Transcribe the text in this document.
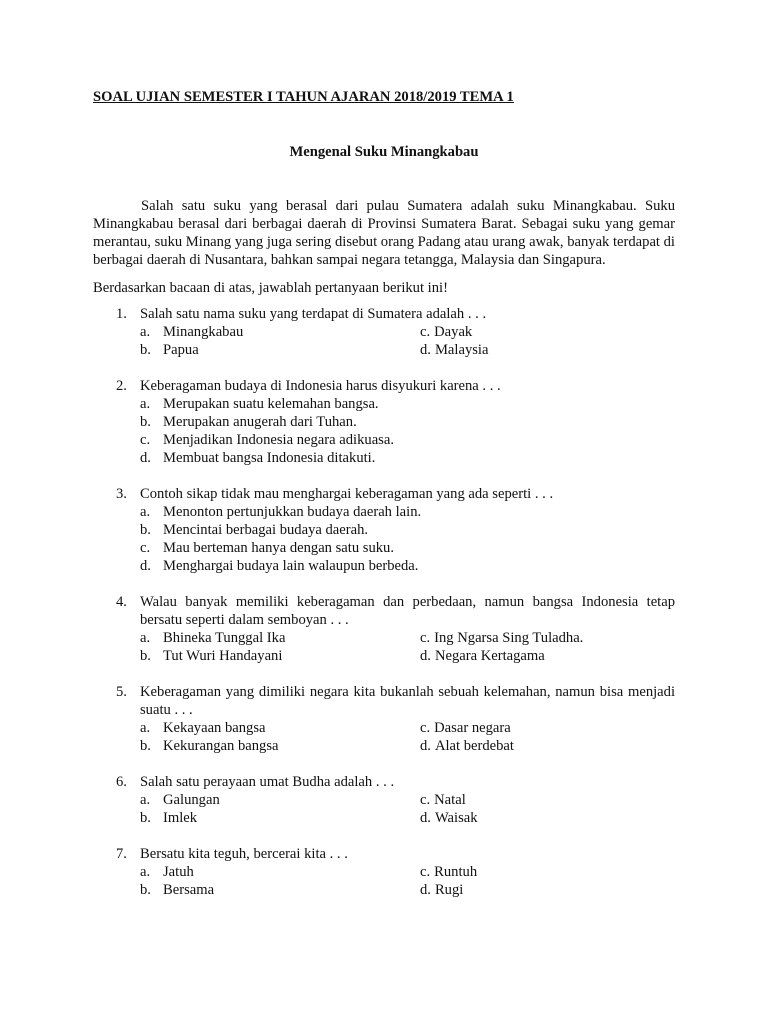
SOAL UJIAN SEMESTER I TAHUN AJARAN 2018/2019 TEMA 1
Mengenal Suku Minangkabau

Salah satu suku yang berasal dari pulau Sumatera adalah suku Minangkabau. Suku Minangkabau berasal dari berbagai daerah di Provinsi Sumatera Barat. Sebagai suku yang gemar merantau, suku Minang yang juga sering disebut orang Padang atau urang awak, banyak terdapat di berbagai daerah di Nusantara, bahkan sampai negara tetangga, Malaysia dan Singapura.

Berdasarkan bacaan di atas, jawablah pertanyaan berikut ini!

1. Salah satu nama suku yang terdapat di Sumatera adalah . . .
a. Minangkabau	c. Dayak
b. Papua	d. Malaysia
2. Keberagaman budaya di Indonesia harus disyukuri karena . . .
a. Merupakan suatu kelemahan bangsa.
b. Merupakan anugerah dari Tuhan.
c. Menjadikan Indonesia negara adikuasa.
d. Membuat bangsa Indonesia ditakuti.
3. Contoh sikap tidak mau menghargai keberagaman yang ada seperti . . .
a. Menonton pertunjukkan budaya daerah lain.
b. Mencintai berbagai budaya daerah.
c. Mau berteman hanya dengan satu suku.
d. Menghargai budaya lain walaupun berbeda.
4. Walau banyak memiliki keberagaman dan perbedaan, namun bangsa Indonesia tetap bersatu seperti dalam semboyan . . .
a. Bhineka Tunggal Ika	c. Ing Ngarsa Sing Tuladha.
b. Tut Wuri Handayani	d. Negara Kertagama
5. Keberagaman yang dimiliki negara kita bukanlah sebuah kelemahan, namun bisa menjadi suatu . . .
a. Kekayaan bangsa	c. Dasar negara
b. Kekurangan bangsa	d. Alat berdebat
6. Salah satu perayaan umat Budha adalah . . .
a. Galungan	c. Natal
b. Imlek	d. Waisak
7. Bersatu kita teguh, bercerai kita . . .
a. Jatuh	c. Runtuh
b. Bersama	d. Rugi
